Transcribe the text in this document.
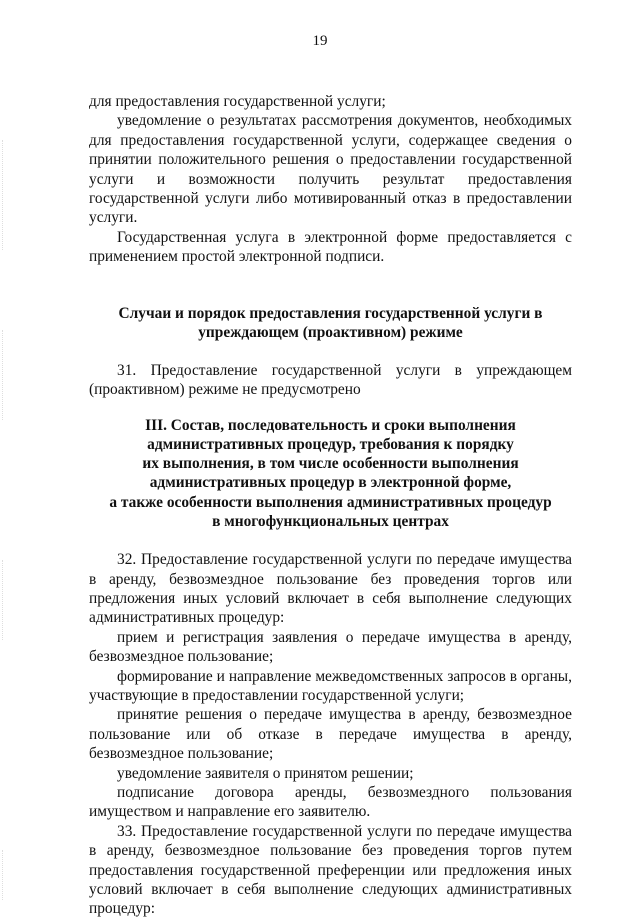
19

для предоставления государственной услуги;

уведомление о результатах рассмотрения документов, необходимых для предоставления государственной услуги, содержащее сведения о принятии положительного решения о предоставлении государственной услуги и возможности получить результат предоставления государственной услуги либо мотивированный отказ в предоставлении услуги.

Государственная услуга в электронной форме предоставляется с применением простой электронной подписи.

Случаи и порядок предоставления государственной услуги в

упреждающем (проактивном) режиме

31. Предоставление государственной услуги в упреждающем (проактивном) режиме не предусмотрено

III. Состав, последовательность и сроки выполнения

административных процедур, требования к порядку

их выполнения, в том числе особенности выполнения

административных процедур в электронной форме,

а также особенности выполнения административных процедур

в многофункциональных центрах

32. Предоставление государственной услуги по передаче имущества в аренду, безвозмездное пользование без проведения торгов или предложения иных условий включает в себя выполнение следующих административных процедур:

прием и регистрация заявления о передаче имущества в аренду, безвозмездное пользование;

формирование и направление межведомственных запросов в органы, участвующие в предоставлении государственной услуги;

принятие решения о передаче имущества в аренду, безвозмездное пользование или об отказе в передаче имущества в аренду, безвозмездное пользование;

уведомление заявителя о принятом решении;

подписание договора аренды, безвозмездного пользования имуществом и направление его заявителю.

33. Предоставление государственной услуги по передаче имущества в аренду, безвозмездное пользование без проведения торгов путем предоставления государственной преференции или предложения иных условий включает в себя выполнение следующих административных процедур:
